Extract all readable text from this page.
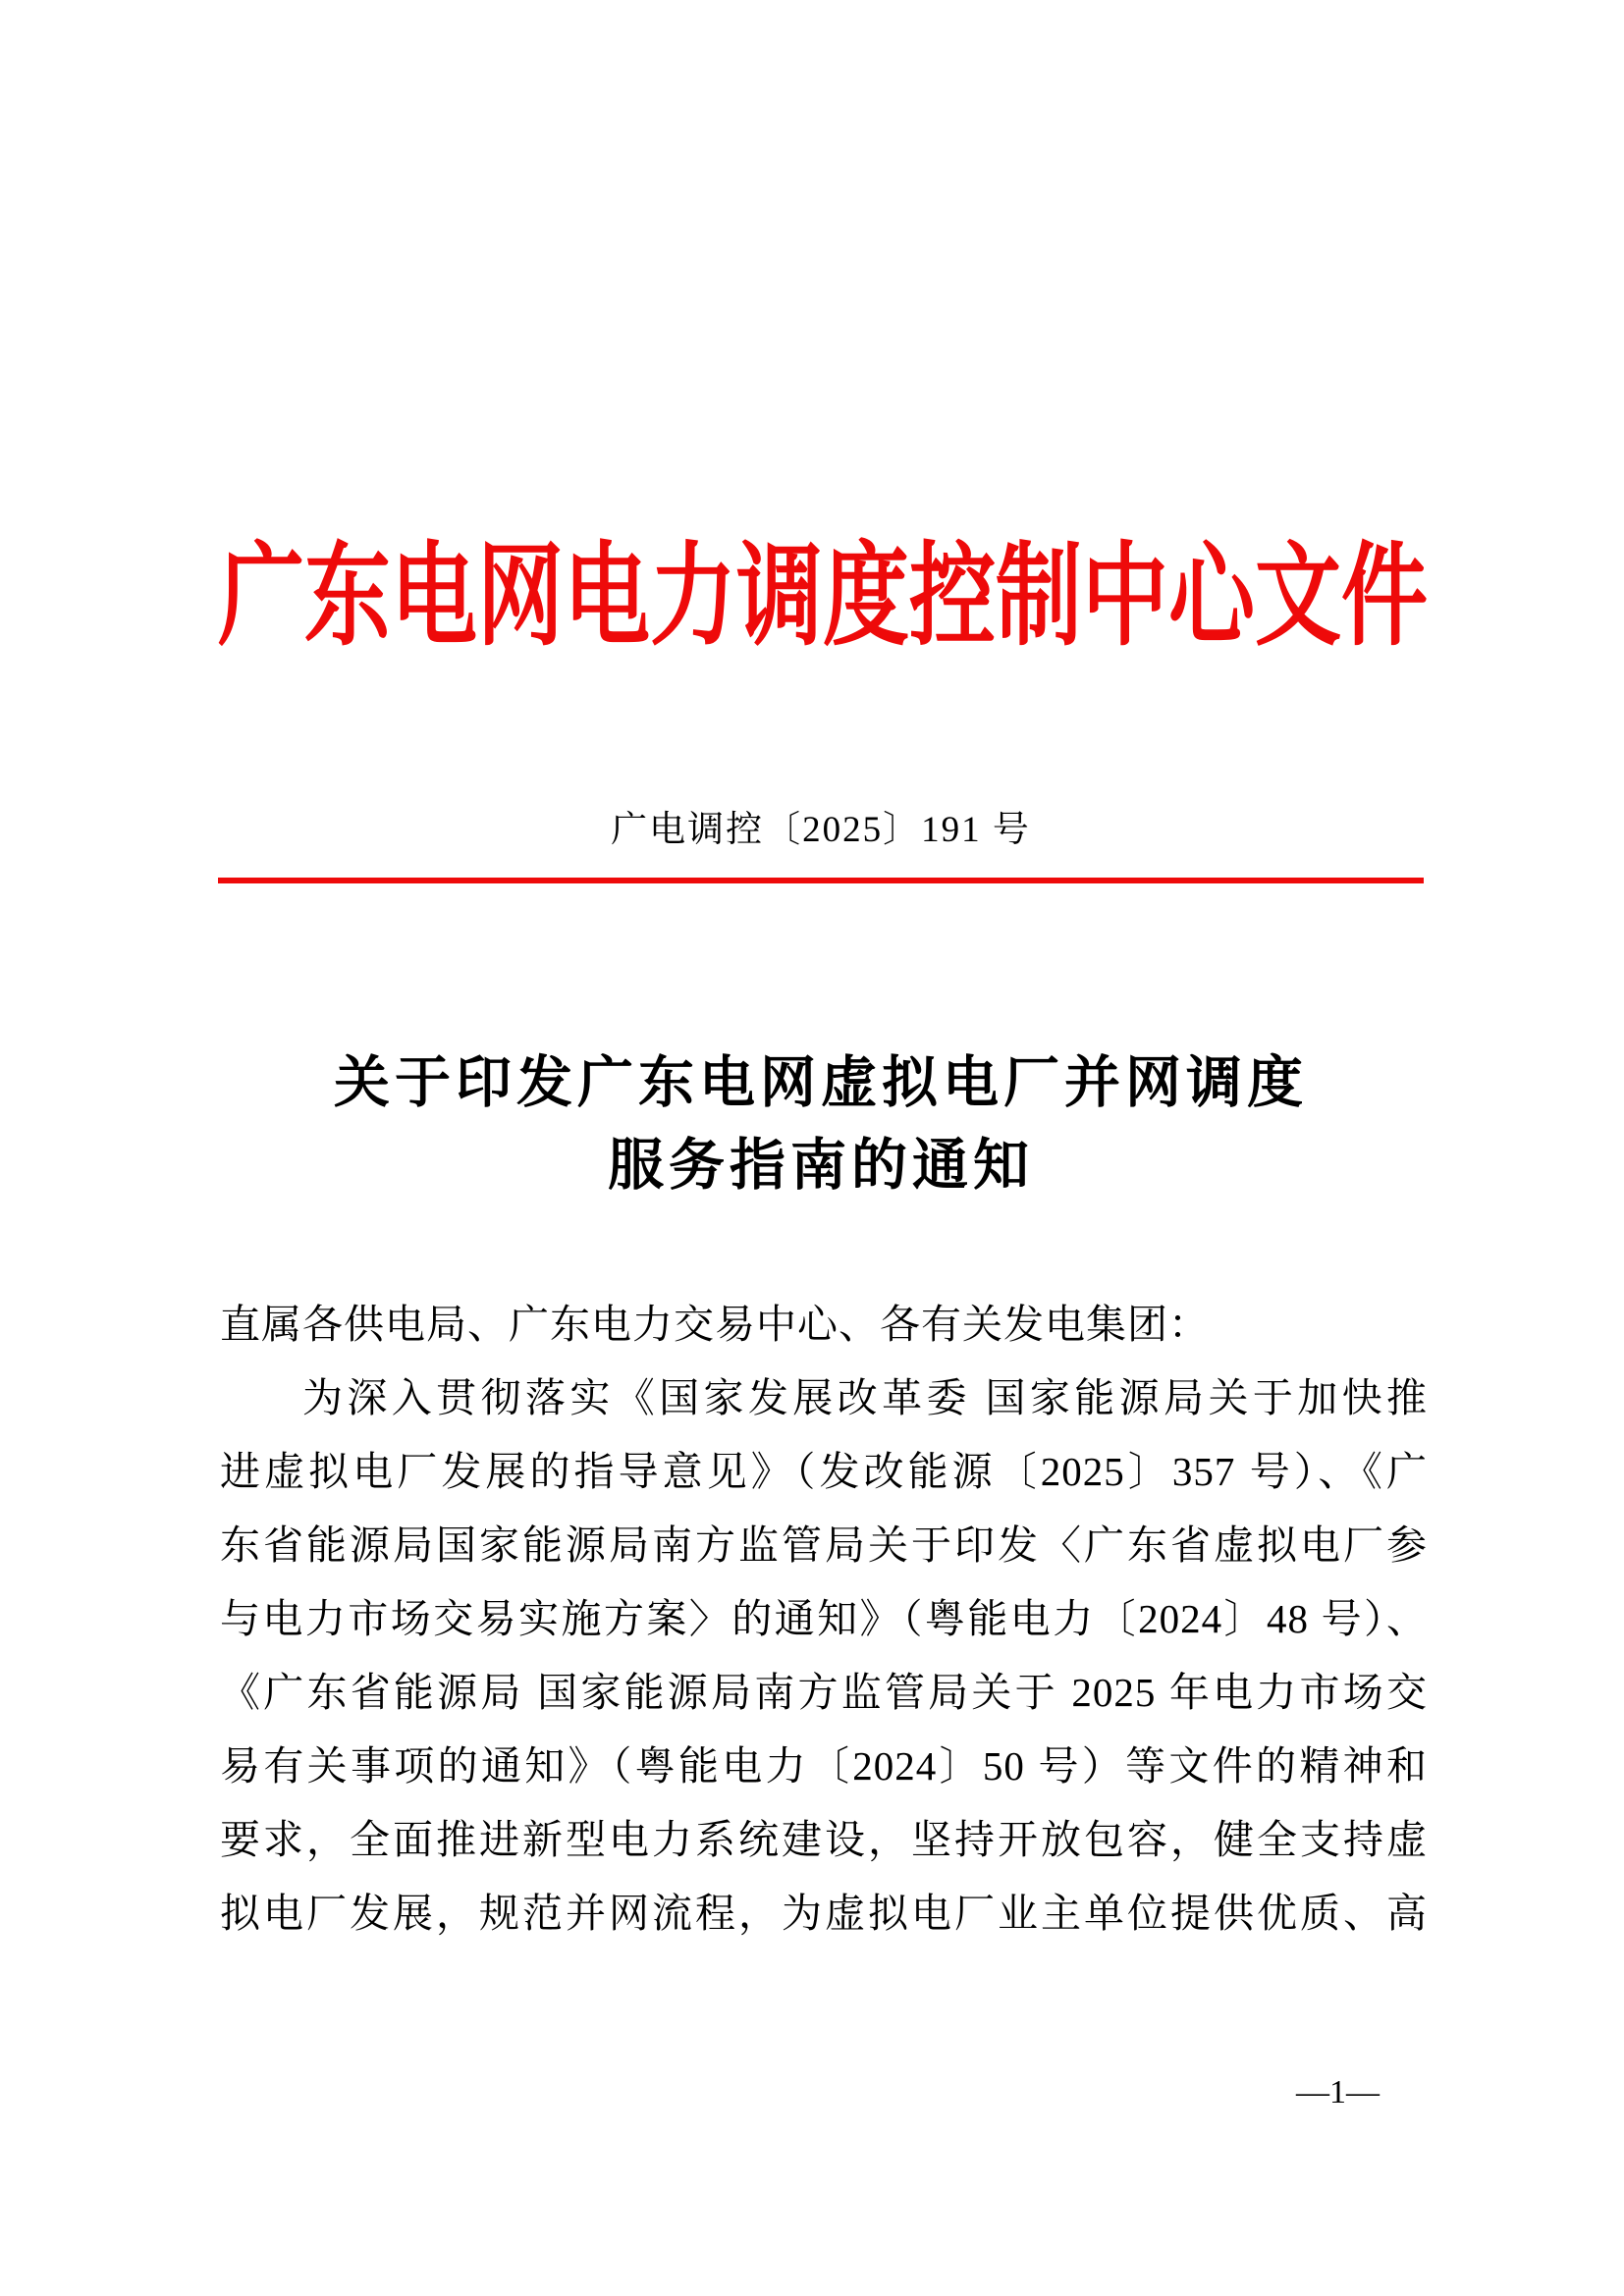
广东电网电力调度控制中心文件
广电调控〔2025〕191 号
关于印发广东电网虚拟电厂并网调度
服务指南的通知
直属各供电局、广东电力交易中心、各有关发电集团：
为深入贯彻落实《国家发展改革委 国家能源局关于加快推
进虚拟电厂发展的指导意见》（发改能源〔2025〕357 号）、《广
东省能源局国家能源局南方监管局关于印发〈广东省虚拟电厂参
与电力市场交易实施方案〉的通知》（粤能电力〔2024〕48 号）、
《广东省能源局 国家能源局南方监管局关于 2025 年电力市场交
易有关事项的通知》（粤能电力〔2024〕50 号）等文件的精神和
要求，全面推进新型电力系统建设，坚持开放包容，健全支持虚
拟电厂发展，规范并网流程，为虚拟电厂业主单位提供优质、高
—1—
